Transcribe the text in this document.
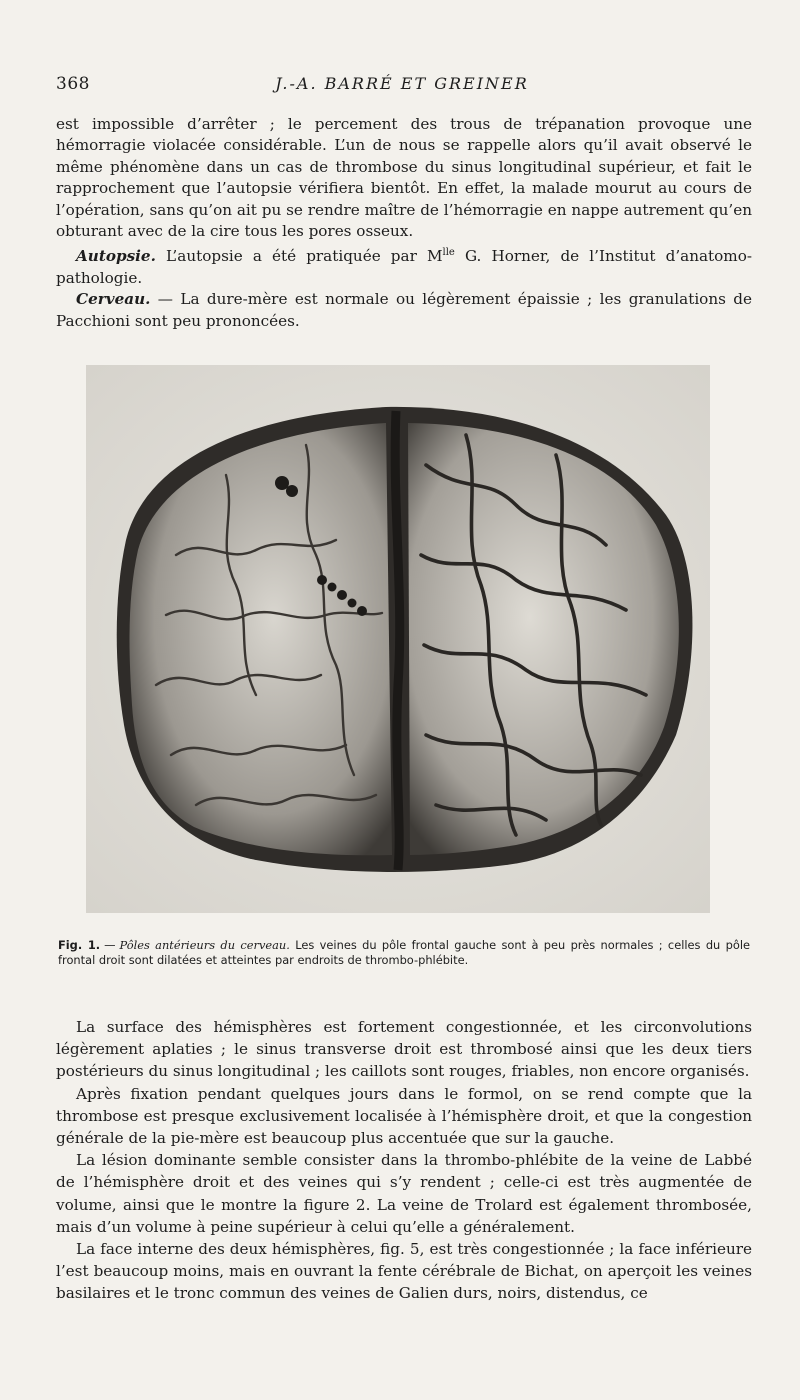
368	J.-A. BARRÉ ET GREINER

est impossible d’arrêter ; le percement des trous de trépanation provoque une hémorragie violacée considérable. L’un de nous se rappelle alors qu’il avait observé le même phénomène dans un cas de thrombose du sinus longitudinal supérieur, et fait le rapprochement que l’autopsie vérifiera bientôt. En effet, la malade mourut au cours de l’opération, sans qu’on ait pu se rendre maître de l’hémorragie en nappe autrement qu’en obturant avec de la cire tous les pores osseux.

Autopsie. L’autopsie a été pratiquée par $M^{lle}$ G. Horner, de l’Institut d’anatomo-pathologie.

Cerveau. — La dure-mère est normale ou légèrement épaissie ; les granulations de Pacchioni sont peu prononcées.

Fig. 1. — Pôles antérieurs du cerveau. Les veines du pôle frontal gauche sont à peu près normales ; celles du pôle frontal droit sont dilatées et atteintes par endroits de thrombo-phlébite.

La surface des hémisphères est fortement congestionnée, et les circonvolutions légèrement aplaties ; le sinus transverse droit est thrombosé ainsi que les deux tiers postérieurs du sinus longitudinal ; les caillots sont rouges, friables, non encore organisés.

Après fixation pendant quelques jours dans le formol, on se rend compte que la thrombose est presque exclusivement localisée à l’hémisphère droit, et que la congestion générale de la pie-mère est beaucoup plus accentuée que sur la gauche.

La lésion dominante semble consister dans la thrombo-phlébite de la veine de Labbé de l’hémisphère droit et des veines qui s’y rendent ; celle-ci est très augmentée de volume, ainsi que le montre la figure 2. La veine de Trolard est également thrombosée, mais d’un volume à peine supérieur à celui qu’elle a généralement.

La face interne des deux hémisphères, fig. 5, est très congestionnée ; la face inférieure l’est beaucoup moins, mais en ouvrant la fente cérébrale de Bichat, on aperçoit les veines basilaires et le tronc commun des veines de Galien durs, noirs, distendus, ce
